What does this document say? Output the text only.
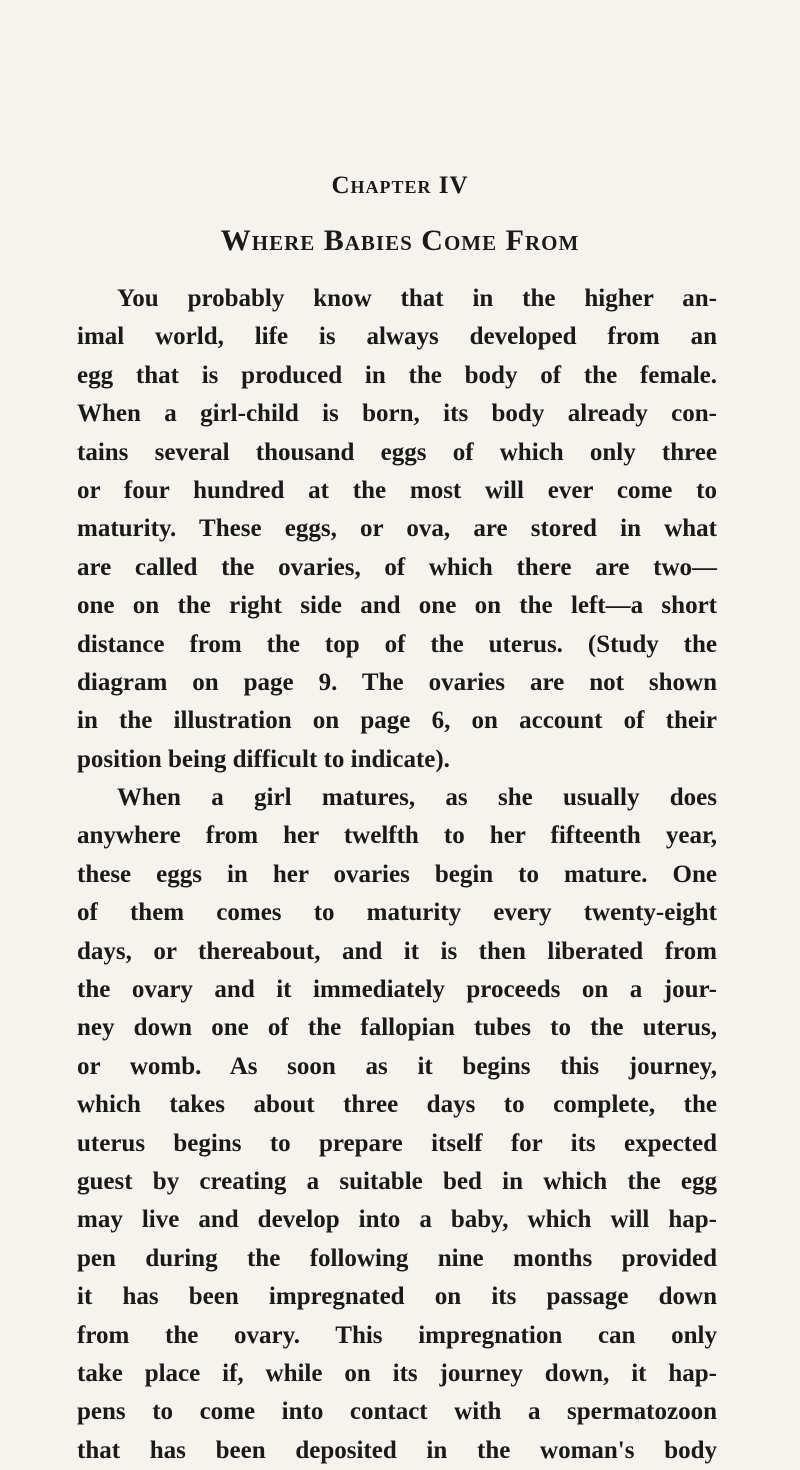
Chapter IV
Where Babies Come From
You probably know that in the higher an-
imal world, life is always developed from an
egg that is produced in the body of the female.
When a girl-child is born, its body already con-
tains several thousand eggs of which only three
or four hundred at the most will ever come to
maturity. These eggs, or ova, are stored in what
are called the ovaries, of which there are two—
one on the right side and one on the left—a short
distance from the top of the uterus. (Study the
diagram on page 9. The ovaries are not shown
in the illustration on page 6, on account of their
position being difficult to indicate).
When a girl matures, as she usually does
anywhere from her twelfth to her fifteenth year,
these eggs in her ovaries begin to mature. One
of them comes to maturity every twenty-eight
days, or thereabout, and it is then liberated from
the ovary and it immediately proceeds on a jour-
ney down one of the fallopian tubes to the uterus,
or womb. As soon as it begins this journey,
which takes about three days to complete, the
uterus begins to prepare itself for its expected
guest by creating a suitable bed in which the egg
may live and develop into a baby, which will hap-
pen during the following nine months provided
it has been impregnated on its passage down
from the ovary. This impregnation can only
take place if, while on its journey down, it hap-
pens to come into contact with a spermatozoon
that has been deposited in the woman's body
